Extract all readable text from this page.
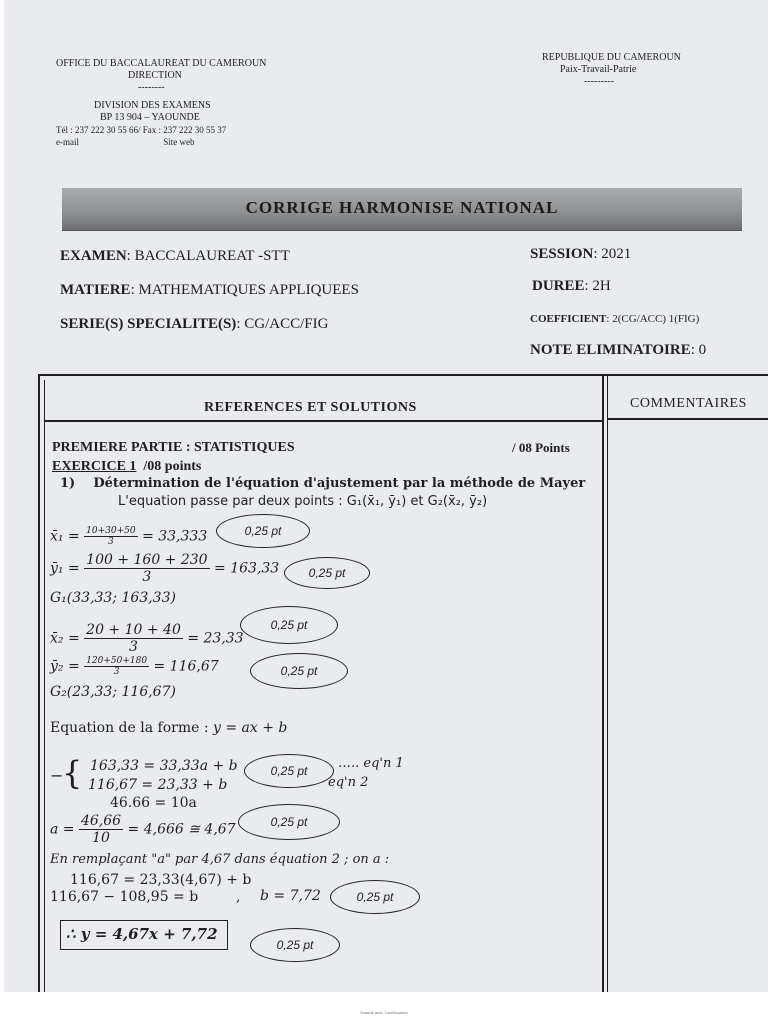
OFFICE DU BACCALAUREAT DU CAMEROUN
DIRECTION
--------
DIVISION DES EXAMENS
BP 13 904 – YAOUNDE
Tél : 237 222 30 55 66/ Fax : 237 222 30 55 37
e-mail	Site web
REPUBLIQUE DU CAMEROUN
Paix-Travail-Patrie
---------
CORRIGE HARMONISE NATIONAL
EXAMEN: BACCALAUREAT -STT
MATIERE: MATHEMATIQUES APPLIQUEES
SERIE(S) SPECIALITE(S): CG/ACC/FIG
SESSION: 2021
DUREE: 2H
COEFFICIENT: 2(CG/ACC) 1(FIG)
NOTE ELIMINATOIRE: 0
REFERENCES ET SOLUTIONS	COMMENTAIRES
PREMIERE PARTIE : STATISTIQUES	/ 08 Points
EXERCICE 1 /08 points
1) Détermination de l'équation d'ajustement par la méthode de Mayer
L'equation passe par deux points : G₁(x̄₁, ȳ₁) et G₂(x̄₂, ȳ₂)
x̄₁ = $\frac{10+30+50}{3} = 33,333$	0,25 pt
ȳ₁ = $\frac{100 + 160 + 230}{3} = 163,33$	0,25 pt
G₁(33,33; 163,33)
x̄₂ = $\frac{20 + 10 + 40}{3} = 23,33$
0,25 pt
ȳ₂ = $\frac{120+50+180}{3} = 116,67$	0,25 pt
G₂(23,33; 116,67)
Equation de la forme : y = ax + b
−
{ 163,33 = 33,33a + b
116,67 = 23,33 + b
….. eq'n 1
eq'n 2
0,25 pt
46.66 = 10a
$a = \frac{46,66}{10} = 4,666$ ≅ 4,67	0,25 pt
En remplaçant "a" par 4,67 dans équation 2 ; on a :
116,67 = 23,33(4,67) + b
116,67 − 108,95 = b	, b = 7,72	0,25 pt
∴ y = 4,67x + 7,72
0,25 pt
Scanné avec CamScanner
